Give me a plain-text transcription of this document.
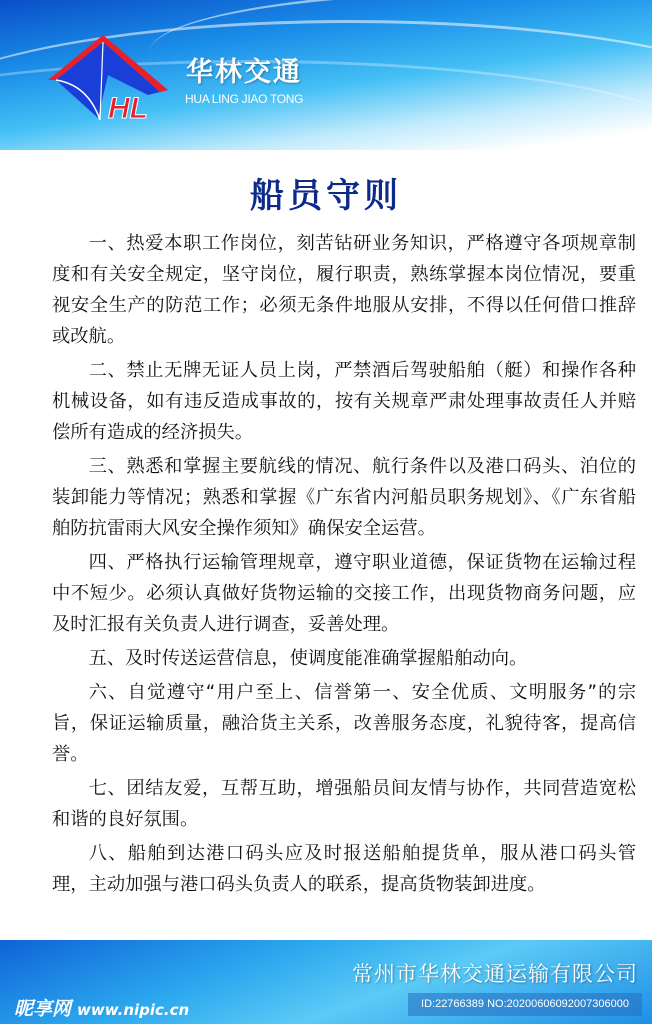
HL
华林交通
HUA LING JIAO TONG
船员守则

一、热爱本职工作岗位，刻苦钻研业务知识，严格遵守各项规章制度和有关安全规定，坚守岗位，履行职责，熟练掌握本岗位情况，要重视安全生产的防范工作；必须无条件地服从安排，不得以任何借口推辞或改航。

二、禁止无牌无证人员上岗，严禁酒后驾驶船舶（艇）和操作各种机械设备，如有违反造成事故的，按有关规章严肃处理事故责任人并赔偿所有造成的经济损失。

三、熟悉和掌握主要航线的情况、航行条件以及港口码头、泊位的装卸能力等情况；熟悉和掌握《广东省内河船员职务规划》、《广东省船舶防抗雷雨大风安全操作须知》确保安全运营。

四、严格执行运输管理规章，遵守职业道德，保证货物在运输过程中不短少。必须认真做好货物运输的交接工作，出现货物商务问题，应及时汇报有关负责人进行调查，妥善处理。

五、及时传送运营信息，使调度能准确掌握船舶动向。

六、自觉遵守“用户至上、信誉第一、安全优质、文明服务”的宗旨，保证运输质量，融洽货主关系，改善服务态度，礼貌待客，提高信誉。

七、团结友爱，互帮互助，增强船员间友情与协作，共同营造宽松和谐的良好氛围。

八、船舶到达港口码头应及时报送船舶提货单，服从港口码头管理，主动加强与港口码头负责人的联系，提高货物装卸进度。

常州市华林交通运输有限公司
昵享网 www.nipic.cn	ID:22766389 NO:20200606092007306000
